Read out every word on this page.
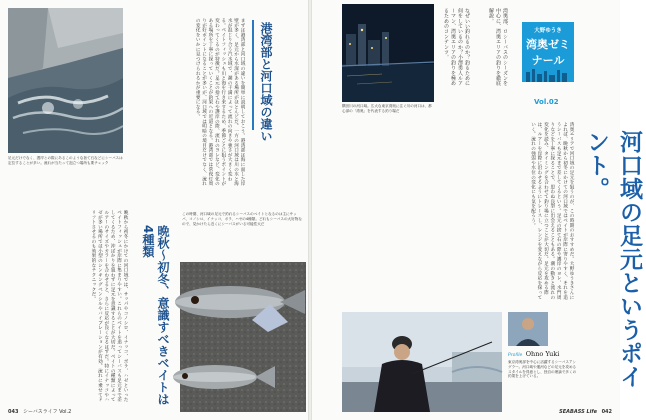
足元だけでなく、護岸との際にあるこのような捨て石などにシーバスは定位することが多い。流れが当たって泡立つ場所も要チェック
港湾部と河口域の違い
まずは港湾部と河口域の違いを簡単に説明しておこう。港湾部は海に面した岸壁が多く、足元から水深がある場所がほとんどだ。一方の河口域は川の水と海水が混じり合う汽水域で、潮の干満によって流れの向きや強さが大きく変わる。ベイトフィッシュも川と海を行き来するため、季節ごとに狙うポイントが変わってくるのが特徴だ。足元の捨て石や護岸の際、流れのヨレなど、変化のある場所を丁寧に探っていくことが釣果への近道となる。港湾部では常夜灯周りが好ポイントになることが多いが、河口域では明暗の境目だけでなく、流れの変化をいかに見つけられるかが重要になる。
この時期、河口域の足元で釣れるシーバスのベイトとなるのは主にサッパ、コノシロ、イナッコ、ボラ、ハゼの4種類。どれもシーバスの大好物なので、見かけたら近くにシーバスがいる可能性大だ
晩秋〜初冬、意識すべきベイトは4種類
晩秋から初冬にかけての河口域では、サッパやコノシロ、イナッコ、ボラ、ハゼといったベイトフィッシュが岸際に集まりやすい。これらのベイトを追ってシーバスも足元まで差してくるため、沖ばかりを狙わずに足元を意識することが大切だ。ベイトの種類によってルアーのサイズやカラーを合わせると、さらに反応が良くなるはずだ。特にイナッコやハゼが多い場所では小型のシンキングペンシルやバイブレーションが有効。流れに乗せてドリフトさせるのも効果的なテクニックだ。
043 シーバスライフ Vol.2
隅田川の河口域。広大な東京湾奥に注ぐ川の河口は、都心部の「湾奥」を代表する釣り場だ
なぜいい釣れるのか？釣るために何をしているのか？小澤勇人ルアーマン、湾奥エリアの釣りを極めるためのコンテンツ。	湾奥部、ロシーバスのシーズンを中心に、湾奥エリアの釣りを徹底解説。
大野ゆうき
湾奥ゼミナール
Vol.02
河口域の足元というポイント。
湾奥エリアで河口域の足元を狙うのが、この時期のおすすめだ。大野ゆうきさんによれば、晩秋から初冬にかけての河口域ではベイトが岸際に寄りやすく、それを追うシーバスも足元まで差してくるという。足元の捨て石の際や護岸のヨレ、水門周りなどを丁寧に探ることで、思わぬ良型に出会えることもある。潮の動きと流れの変化を読み、タイミングを合わせて釣り場に立つことが大切だ。足元を攻める際は、ルアーを岸際に沿わせるようにトレースし、レンジを変えながら反応を探っていく。流れの強弱や水位の変化にも気を配ろう。
Profile Ohno Yuki
東京湾奥部を中心に活躍するシーバスアングラー。河口域や運河などの足元を攻めるスタイルを得意とし、独自の理論で多くの釣果を上げている。
SEABASS Life 042
